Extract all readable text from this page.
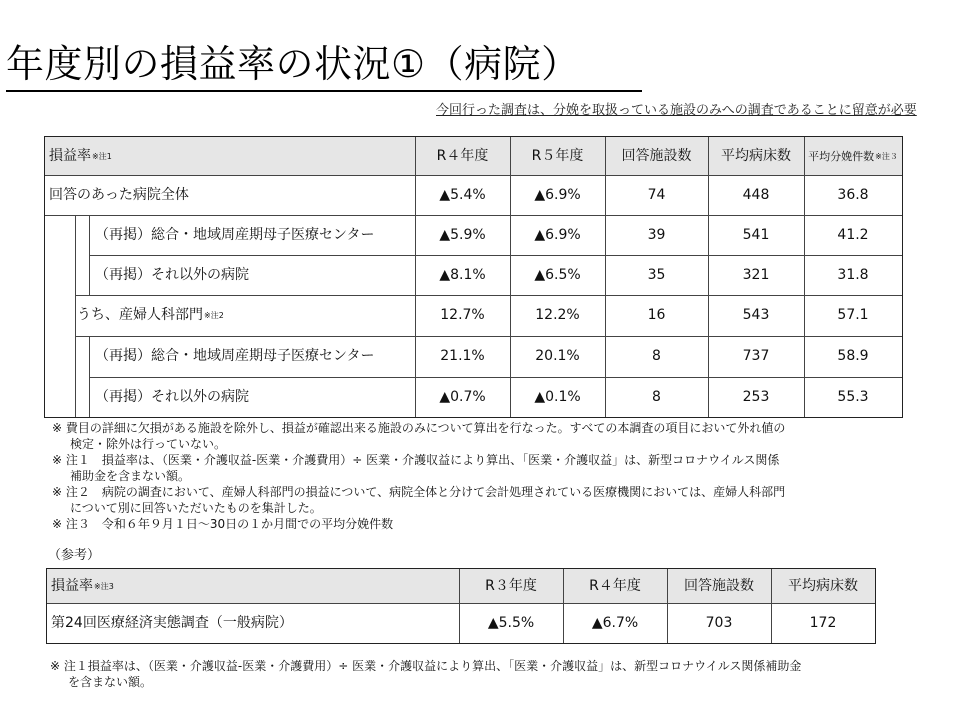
年度別の損益率の状況①（病院）
今回行った調査は、分娩を取扱っている施設のみへの調査であることに留意が必要
損益率 ※注1	R４年度	R５年度	回答施設数	平均病床数	平均分娩件数 ※注３
回答のあった病院全体	▲5.4%	▲6.9%	74	448	36.8
（再掲）総合・地域周産期母子医療センター	▲5.9%	▲6.9%	39	541	41.2
（再掲）それ以外の病院	▲8.1%	▲6.5%	35	321	31.8
うち、産婦人科部門 ※注2	12.7%	12.2%	16	543	57.1
（再掲）総合・地域周産期母子医療センター	21.1%	20.1%	8	737	58.9
（再掲）それ以外の病院	▲0.7%	▲0.1%	8	253	55.3
※ 費目の詳細に欠損がある施設を除外し、損益が確認出来る施設のみについて算出を行なった。すべての本調査の項目において外れ値の
検定・除外は行っていない。
※ 注１　損益率は、（医業・介護収益-医業・介護費用）÷ 医業・介護収益により算出、「医業・介護収益」は、新型コロナウイルス関係
補助金を含まない額。
※ 注２　病院の調査において、産婦人科部門の損益について、病院全体と分けて会計処理されている医療機関においては、産婦人科部門
について別に回答いただいたものを集計した。
※ 注３　令和６年９月１日〜30日の１か月間での平均分娩件数
（参考）
損益率 ※注3	R３年度	R４年度	回答施設数	平均病床数
第24回医療経済実態調査（一般病院）	▲5.5%	▲6.7%	703	172
※ 注１損益率は、（医業・介護収益-医業・介護費用）÷ 医業・介護収益により算出、「医業・介護収益」は、新型コロナウイルス関係補助金
を含まない額。
